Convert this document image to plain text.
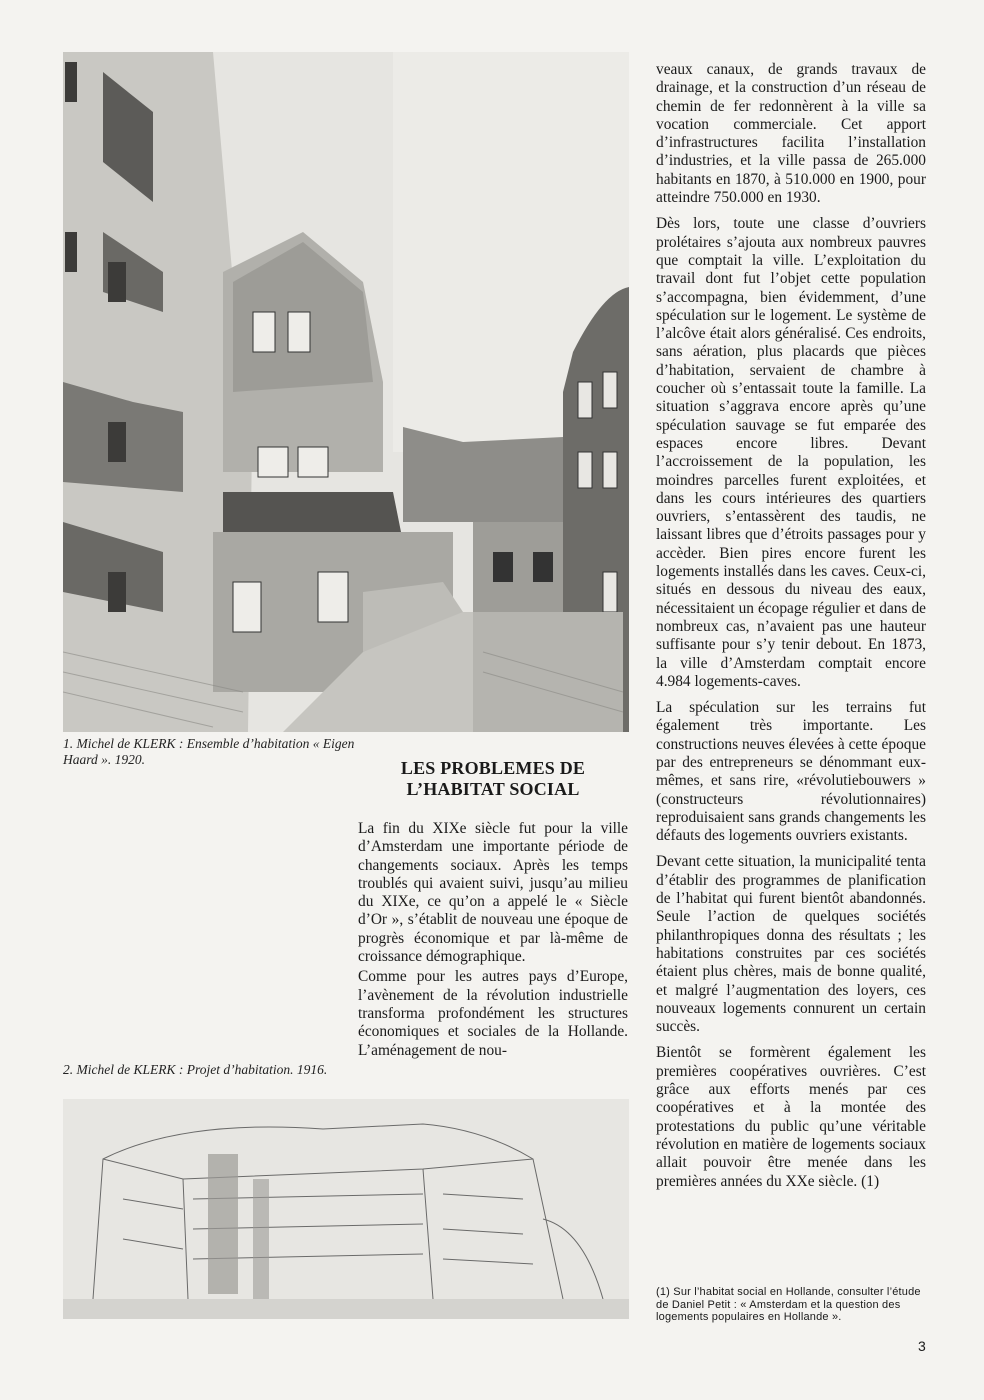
1. Michel de KLERK : Ensemble d’habitation « Eigen Haard ». 1920.	LES PROBLEMES DE L’HABITAT SOCIAL

La fin du XIXe siècle fut pour la ville d’Amsterdam une importante période de changements sociaux. Après les temps troublés qui avaient suivi, jusqu’au milieu du XIXe, ce qu’on a appelé le « Siècle d’Or », s’établit de nouveau une époque de progrès économique et par là-même de croissance démographique.

Comme pour les autres pays d’Europe, l’avènement de la révolution industrielle transforma profondément les structures économiques et sociales de la Hollande. L’aménagement de nou-

2. Michel de KLERK : Projet d’habitation. 1916.

veaux canaux, de grands travaux de drainage, et la construction d’un réseau de chemin de fer redonnèrent à la ville sa vocation commerciale. Cet apport d’infrastructures facilita l’installation d’industries, et la ville passa de 265.000 habitants en 1870, à 510.000 en 1900, pour atteindre 750.000 en 1930.

Dès lors, toute une classe d’ouvriers prolétaires s’ajouta aux nombreux pauvres que comptait la ville. L’exploitation du travail dont fut l’objet cette population s’accompagna, bien évidemment, d’une spéculation sur le logement. Le système de l’alcôve était alors généralisé. Ces endroits, sans aération, plus placards que pièces d’habitation, servaient de chambre à coucher où s’entassait toute la famille. La situation s’aggrava encore après qu’une spéculation sauvage se fut emparée des espaces encore libres. Devant l’accroissement de la population, les moindres parcelles furent exploitées, et dans les cours intérieures des quartiers ouvriers, s’entassèrent des taudis, ne laissant libres que d’étroits passages pour y accèder. Bien pires encore furent les logements installés dans les caves. Ceux-ci, situés en dessous du niveau des eaux, nécessitaient un écopage régulier et dans de nombreux cas, n’avaient pas une hauteur suffisante pour s’y tenir debout. En 1873, la ville d’Amsterdam comptait encore 4.984 logements-caves.

La spéculation sur les terrains fut également très importante. Les constructions neuves élevées à cette époque par des entrepreneurs se dénommant eux-mêmes, et sans rire, «révolutiebouwers » (constructeurs révolutionnaires) reproduisaient sans grands changements les défauts des logements ouvriers existants.

Devant cette situation, la municipalité tenta d’établir des programmes de planification de l’habitat qui furent bientôt abandonnés. Seule l’action de quelques sociétés philanthropiques donna des résultats ; les habitations construites par ces sociétés étaient plus chères, mais de bonne qualité, et malgré l’augmentation des loyers, ces nouveaux logements connurent un certain succès.

Bientôt se formèrent également les premières coopératives ouvrières. C’est grâce aux efforts menés par ces coopératives et à la montée des protestations du public qu’une véritable révolution en matière de logements sociaux allait pouvoir être menée dans les premières années du XXe siècle. (1)

(1) Sur l’habitat social en Hollande, consulter l’étude de Daniel Petit : « Amsterdam et la question des logements populaires en Hollande ».
3
